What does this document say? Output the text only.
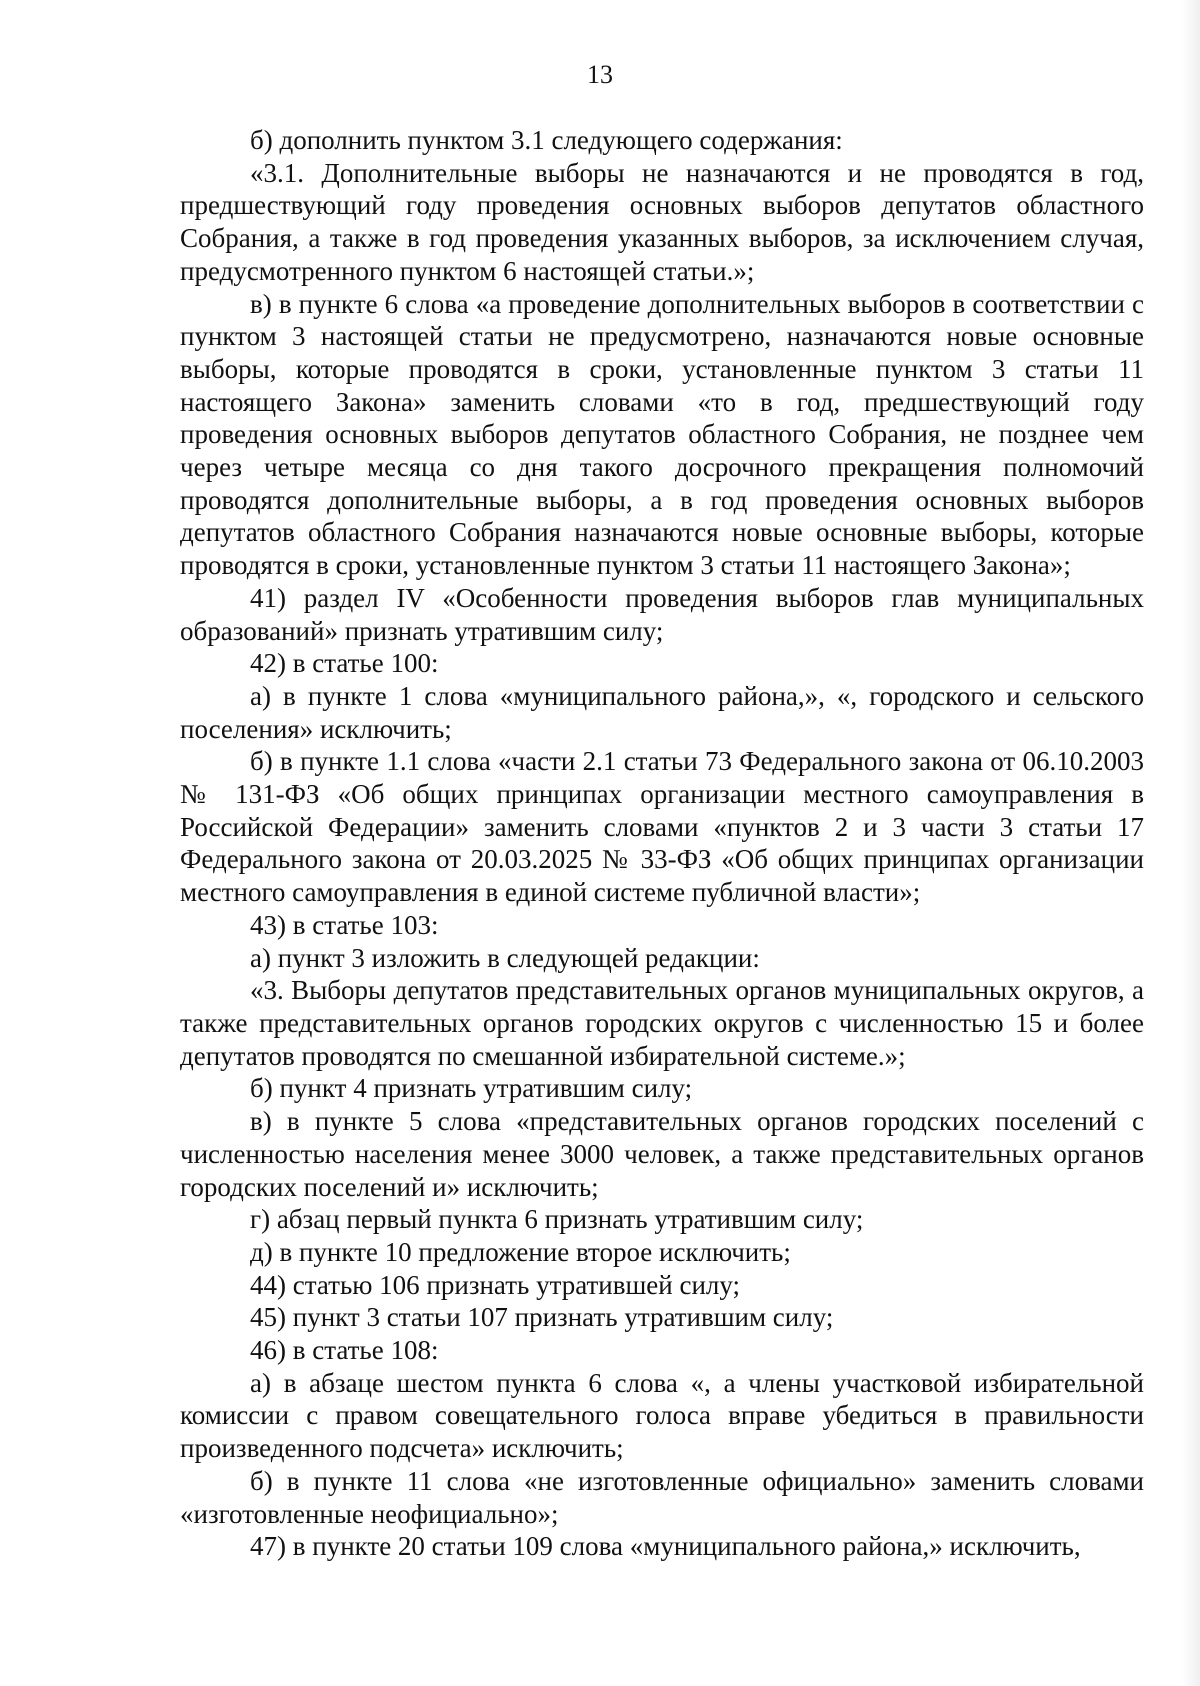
13

б) дополнить пунктом 3.1 следующего содержания:

«3.1. Дополнительные выборы не назначаются и не проводятся в год, предшествующий году проведения основных выборов депутатов областного Собрания, а также в год проведения указанных выборов, за исключением случая, предусмотренного пунктом 6 настоящей статьи.»;

в) в пункте 6 слова «а проведение дополнительных выборов в соответствии с пунктом 3 настоящей статьи не предусмотрено, назначаются новые основные выборы, которые проводятся в сроки, установленные пунктом 3 статьи 11 настоящего Закона» заменить словами «то в год, предшествующий году проведения основных выборов депутатов областного Собрания, не позднее чем через четыре месяца со дня такого досрочного прекращения полномочий проводятся дополнительные выборы, а в год проведения основных выборов депутатов областного Собрания назначаются новые основные выборы, которые проводятся в сроки, установленные пунктом 3 статьи 11 настоящего Закона»;

41) раздел IV «Особенности проведения выборов глав муниципальных образований» признать утратившим силу;

42) в статье 100:

а) в пункте 1 слова «муниципального района,», «, городского и сельского поселения» исключить;

б) в пункте 1.1 слова «части 2.1 статьи 73 Федерального закона от 06.10.2003 № 131-ФЗ «Об общих принципах организации местного самоуправления в Российской Федерации» заменить словами «пунктов 2 и 3 части 3 статьи 17 Федерального закона от 20.03.2025 № 33-ФЗ «Об общих принципах организации местного самоуправления в единой системе публичной власти»;

43) в статье 103:

а) пункт 3 изложить в следующей редакции:

«3. Выборы депутатов представительных органов муниципальных округов, а также представительных органов городских округов с численностью 15 и более депутатов проводятся по смешанной избирательной системе.»;

б) пункт 4 признать утратившим силу;

в) в пункте 5 слова «представительных органов городских поселений с численностью населения менее 3000 человек, а также представительных органов городских поселений и» исключить;

г) абзац первый пункта 6 признать утратившим силу;

д) в пункте 10 предложение второе исключить;

44) статью 106 признать утратившей силу;

45) пункт 3 статьи 107 признать утратившим силу;

46) в статье 108:

а) в абзаце шестом пункта 6 слова «, а члены участковой избирательной комиссии с правом совещательного голоса вправе убедиться в правильности произведенного подсчета» исключить;

б) в пункте 11 слова «не изготовленные официально» заменить словами «изготовленные неофициально»;

47) в пункте 20 статьи 109 слова «муниципального района,» исключить,
